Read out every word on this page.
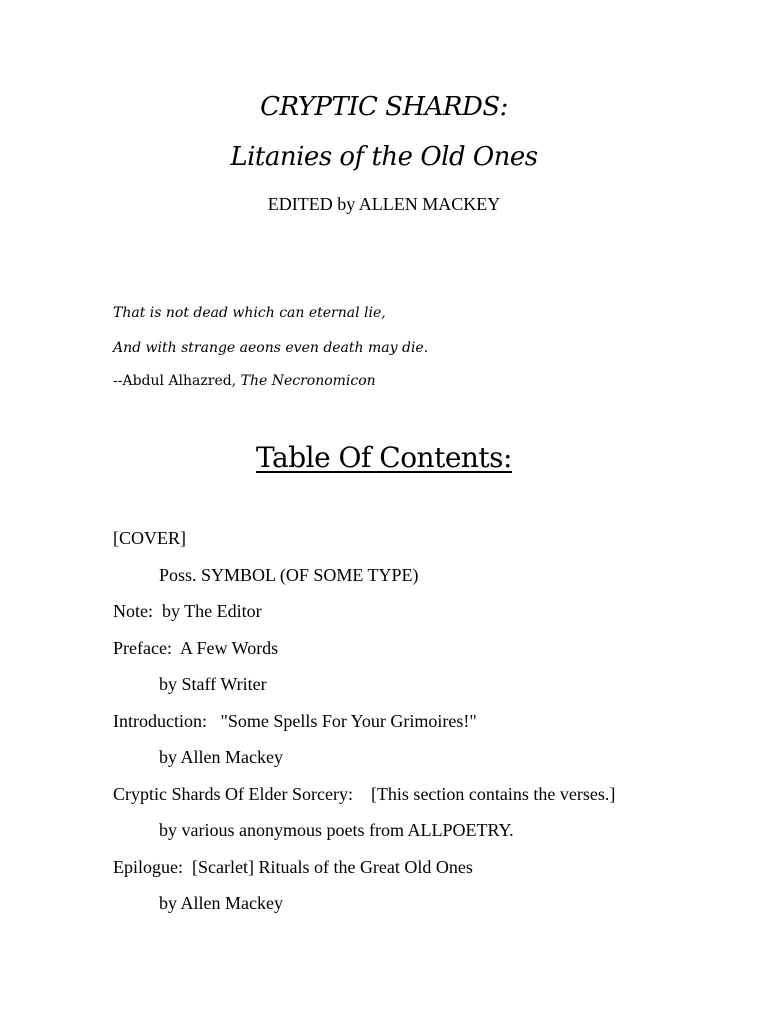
CRYPTIC SHARDS:
Litanies of the Old Ones
EDITED by ALLEN MACKEY
That is not dead which can eternal lie,
And with strange aeons even death may die.
--Abdul Alhazred, The Necronomicon
Table Of Contents:
[COVER]
Poss. SYMBOL (OF SOME TYPE)
Note:  by The Editor
Preface:  A Few Words
by Staff Writer
Introduction:   "Some Spells For Your Grimoires!"
by Allen Mackey
Cryptic Shards Of Elder Sorcery:    [This section contains the verses.]
by various anonymous poets from ALLPOETRY.
Epilogue:  [Scarlet] Rituals of the Great Old Ones
by Allen Mackey
